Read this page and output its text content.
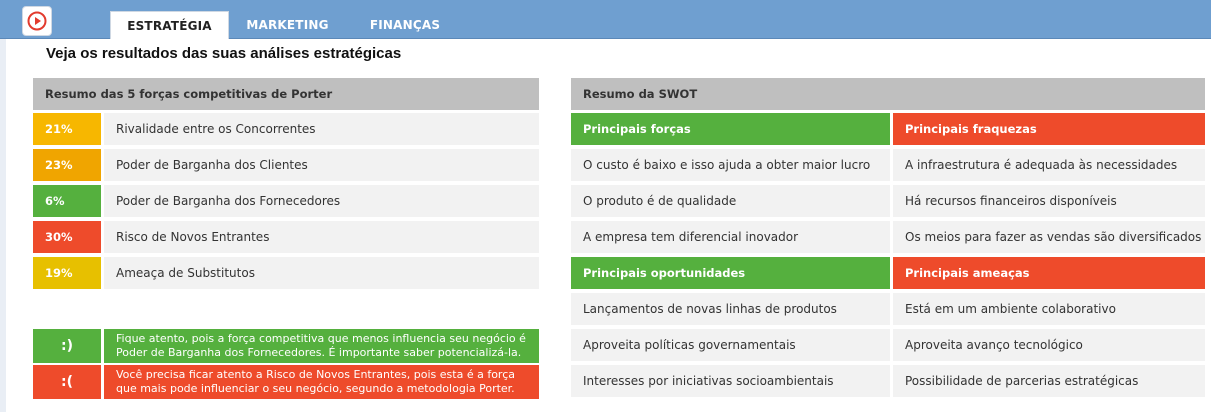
ESTRATÉGIA	MARKETING	FINANÇAS
Veja os resultados das suas análises estratégicas
Resumo das 5 forças competitivas de Porter
21%	Rivalidade entre os Concorrentes
23%	Poder de Barganha dos Clientes
6%	Poder de Barganha dos Fornecedores
30%	Risco de Novos Entrantes
19%	Ameaça de Substitutos
:)	Fique atento, pois a força competitiva que menos influencia seu negócio é Poder de Barganha dos Fornecedores. É importante saber potencializá-la.
:(	Você precisa ficar atento a Risco de Novos Entrantes, pois esta é a força que mais pode influenciar o seu negócio, segundo a metodologia Porter.
Resumo da SWOT
Principais forças	Principais fraquezas
O custo é baixo e isso ajuda a obter maior lucro	A infraestrutura é adequada às necessidades
O produto é de qualidade	Há recursos financeiros disponíveis
A empresa tem diferencial inovador	Os meios para fazer as vendas são diversificados
Principais oportunidades	Principais ameaças
Lançamentos de novas linhas de produtos	Está em um ambiente colaborativo
Aproveita políticas governamentais	Aproveita avanço tecnológico
Interesses por iniciativas socioambientais	Possibilidade de parcerias estratégicas
